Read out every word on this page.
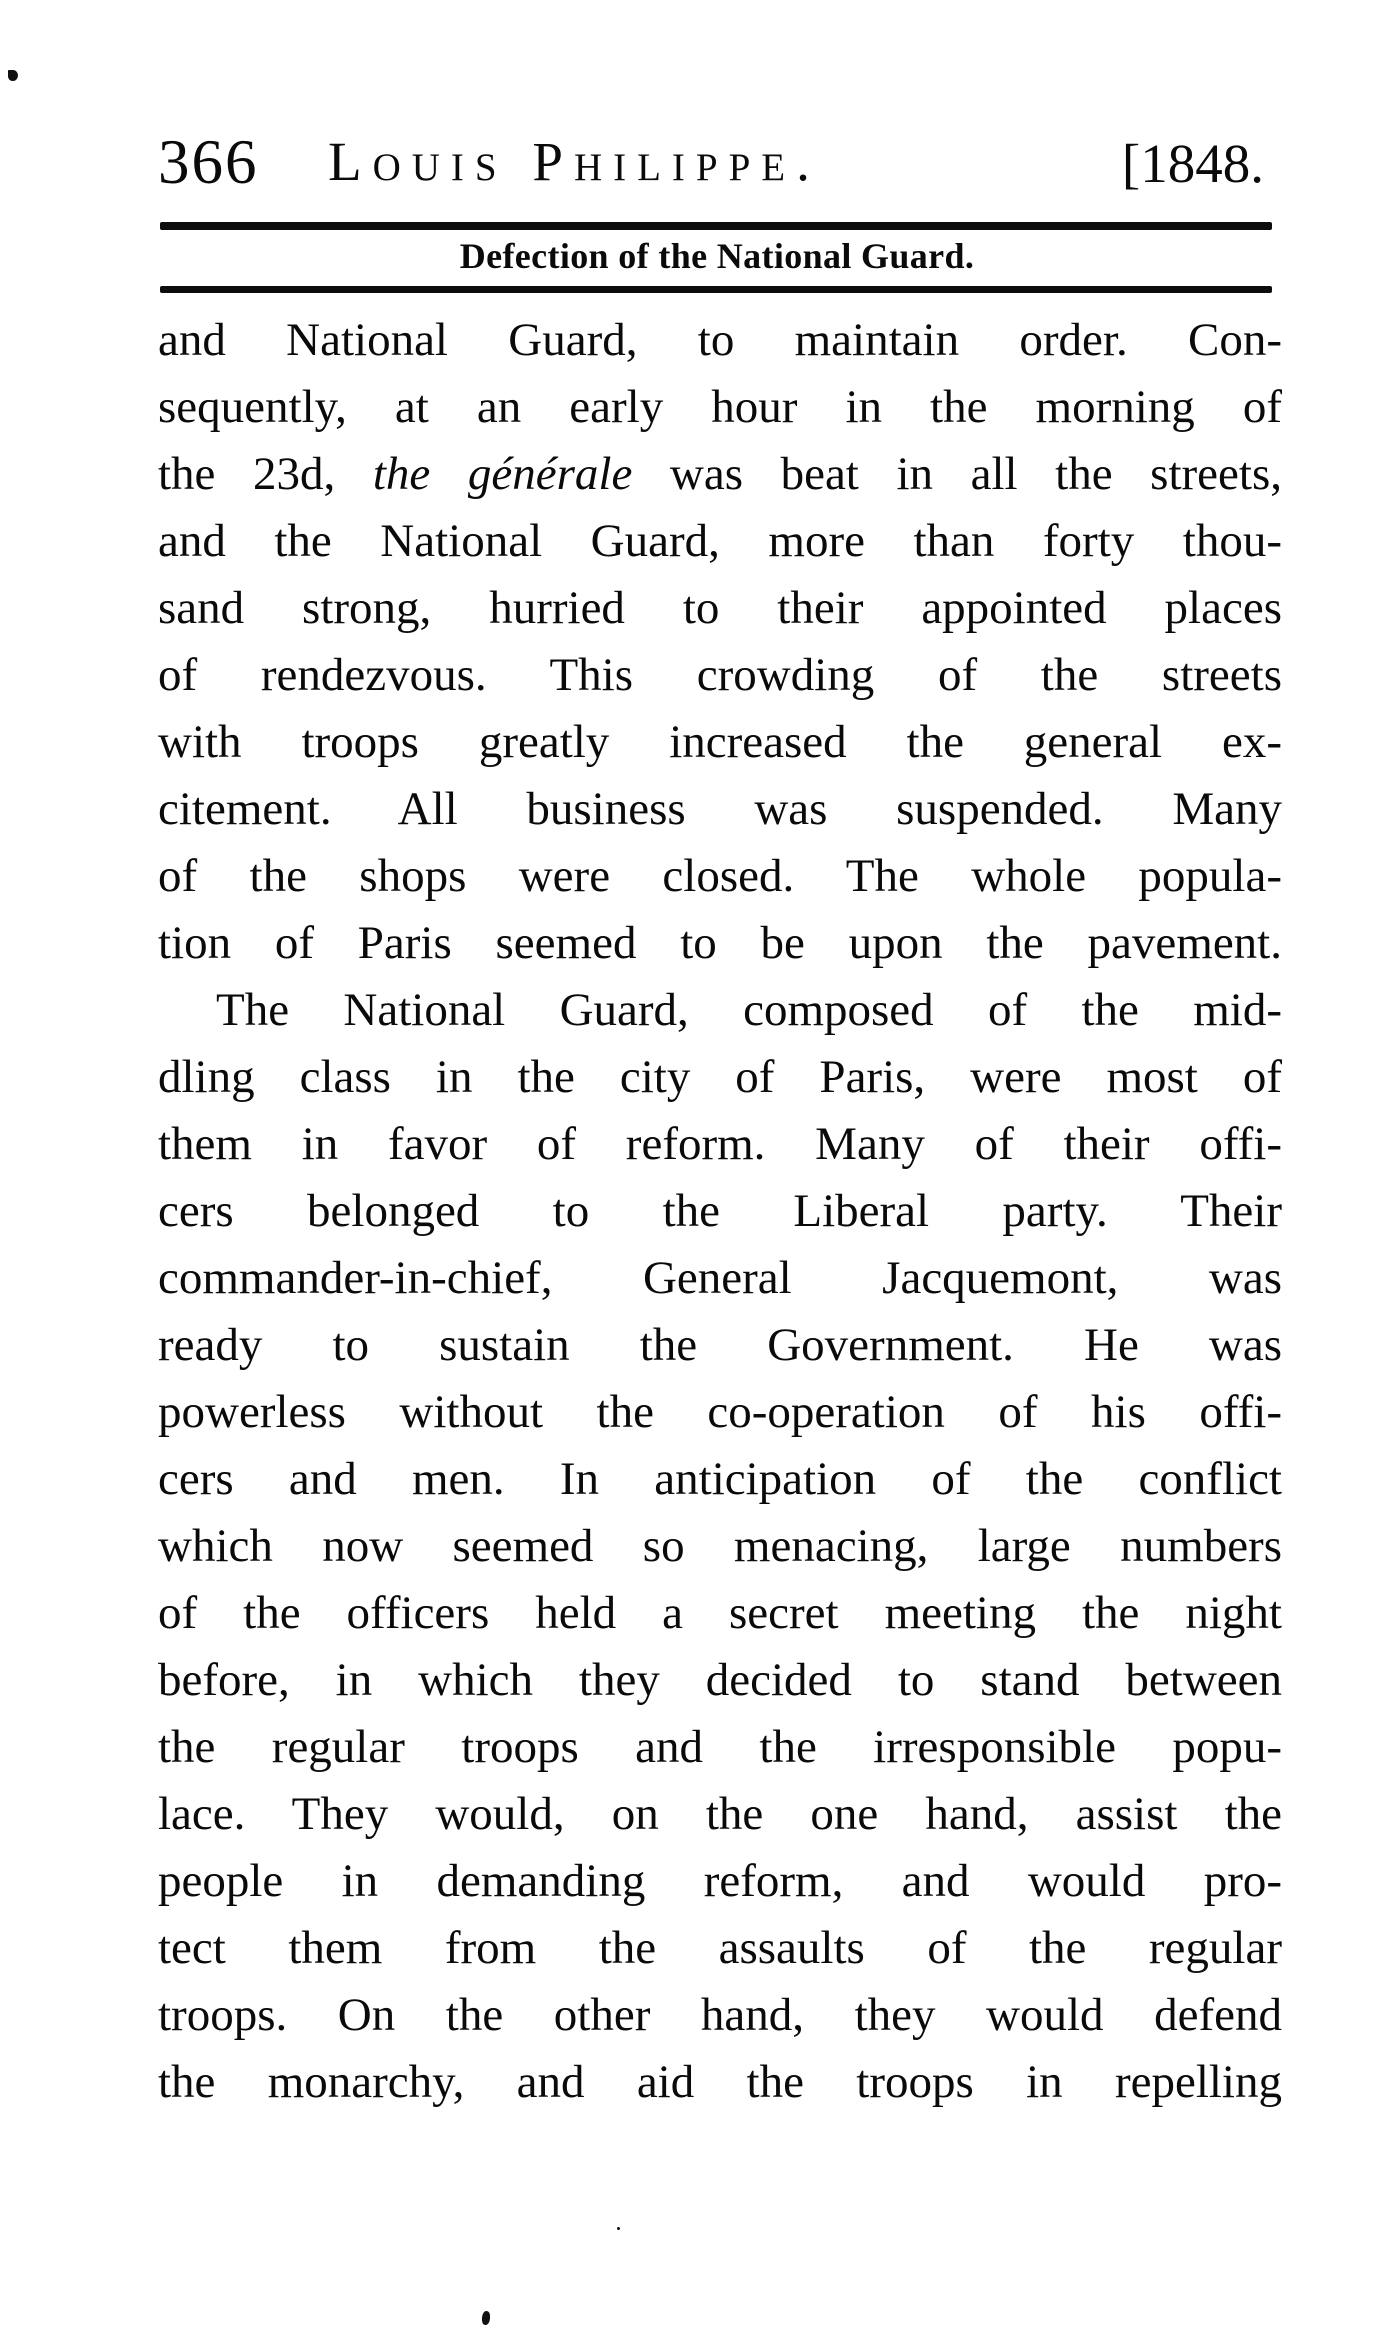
366 Louis Philippe.	[1848.
Defection of the National Guard.
and National Guard, to maintain order. Con-
sequently, at an early hour in the morning of
the 23d, the générale was beat in all the streets,
and the National Guard, more than forty thou-
sand strong, hurried to their appointed places
of rendezvous. This crowding of the streets
with troops greatly increased the general ex-
citement. All business was suspended. Many
of the shops were closed. The whole popula-
tion of Paris seemed to be upon the pavement.
The National Guard, composed of the mid-
dling class in the city of Paris, were most of
them in favor of reform. Many of their offi-
cers belonged to the Liberal party. Their
commander-in-chief, General Jacquemont, was
ready to sustain the Government. He was
powerless without the co-operation of his offi-
cers and men. In anticipation of the conflict
which now seemed so menacing, large numbers
of the officers held a secret meeting the night
before, in which they decided to stand between
the regular troops and the irresponsible popu-
lace. They would, on the one hand, assist the
people in demanding reform, and would pro-
tect them from the assaults of the regular
troops. On the other hand, they would defend
the monarchy, and aid the troops in repelling
